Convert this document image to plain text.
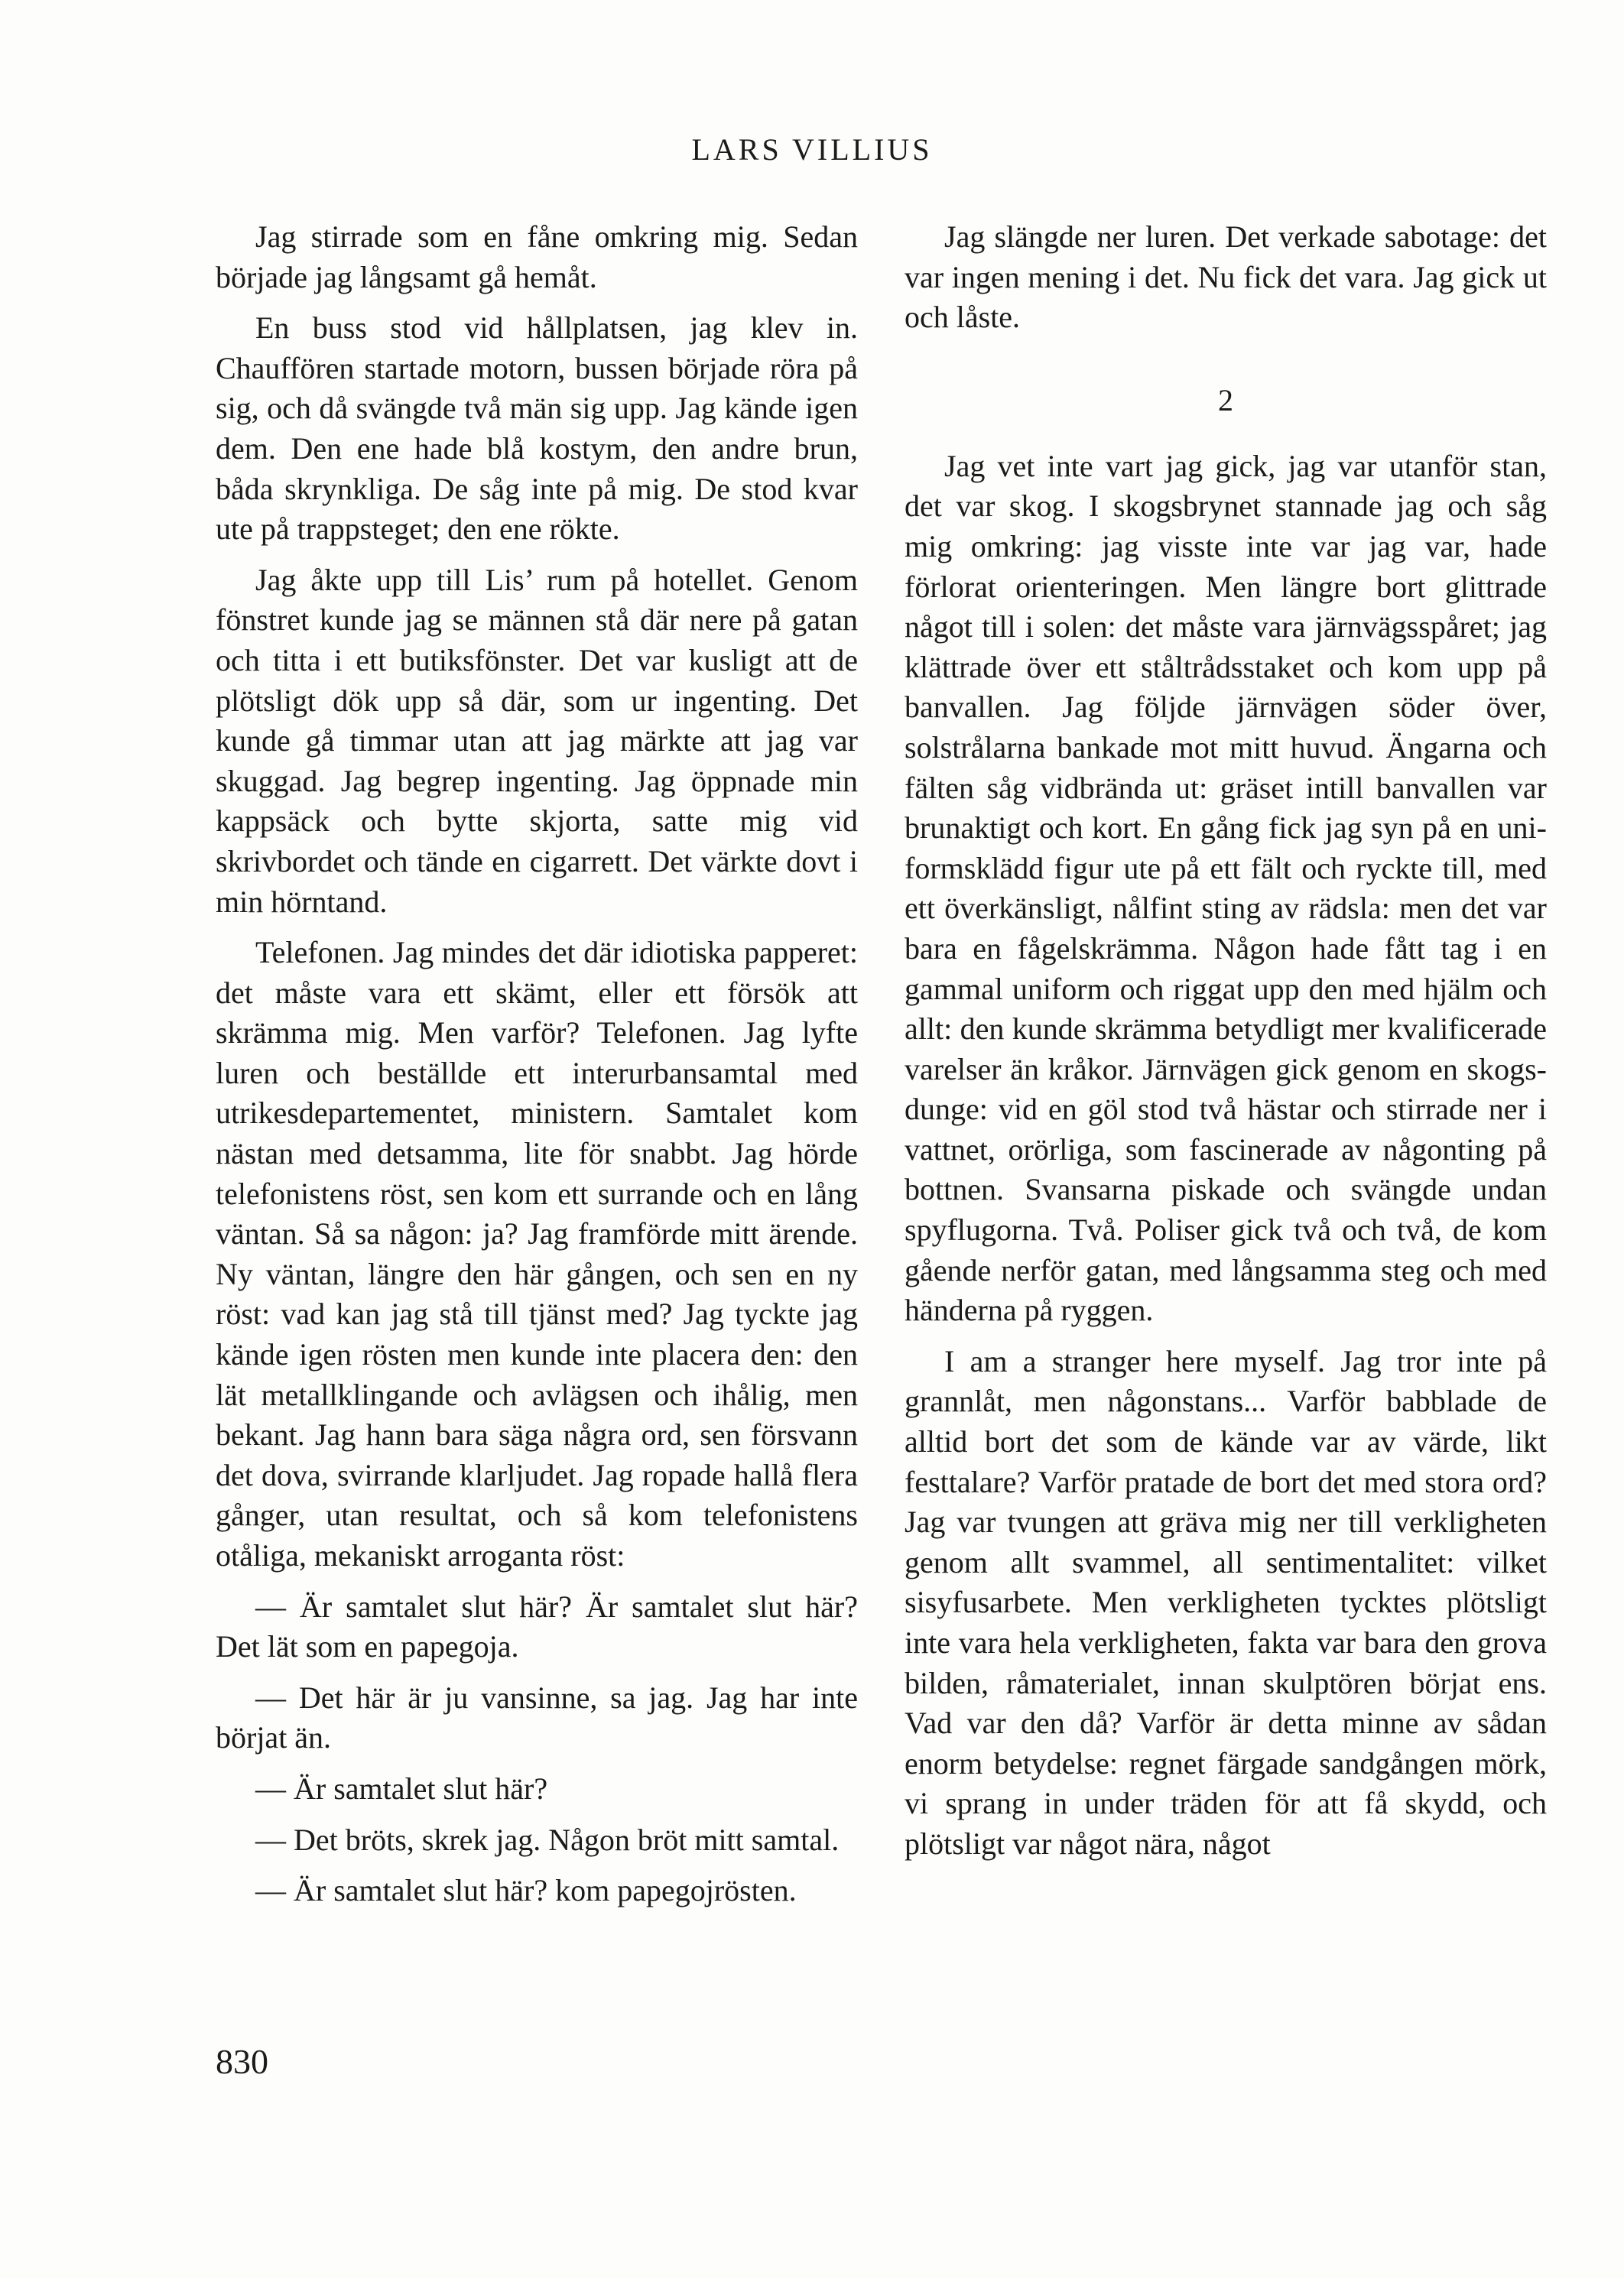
LARS VILLIUS

Jag stirrade som en fåne omkring mig. Sedan började jag långsamt gå hemåt.

En buss stod vid hållplatsen, jag klev in. Chauffören startade motorn, bussen började röra på sig, och då svängde två män sig upp. Jag kände igen dem. Den ene hade blå kostym, den andre brun, båda skrynkliga. De såg inte på mig. De stod kvar ute på trappsteget; den ene rökte.

Jag åkte upp till Lis’ rum på hotellet. Genom fönstret kunde jag se männen stå där nere på gatan och titta i ett butiksfönster. Det var kusligt att de plötsligt dök upp så där, som ur ingenting. Det kunde gå timmar utan att jag märkte att jag var skuggad. Jag begrep ingenting. Jag öppnade min kappsäck och bytte skjorta, satte mig vid skrivbordet och tände en cigarrett. Det värkte dovt i min hörntand.

Telefonen. Jag mindes det där idiotiska papperet: det måste vara ett skämt, eller ett försök att skrämma mig. Men varför? Telefonen. Jag lyfte luren och beställde ett interurbansamtal med utrikesdepartementet, ministern. Samtalet kom nästan med detsamma, lite för snabbt. Jag hörde telefonistens röst, sen kom ett surrande och en lång väntan. Så sa någon: ja? Jag framförde mitt ärende. Ny väntan, längre den här gången, och sen en ny röst: vad kan jag stå till tjänst med? Jag tyckte jag kände igen rösten men kunde inte placera den: den lät metallklingande och avlägsen och ihålig, men bekant. Jag hann bara säga några ord, sen försvann det dova, svirrande klarljudet. Jag ropade hallå flera gånger, utan resultat, och så kom telefonistens otåliga, mekaniskt arroganta röst:

— Är samtalet slut här? Är samtalet slut här? Det lät som en papegoja.

— Det här är ju vansinne, sa jag. Jag har inte börjat än.

— Är samtalet slut här?

— Det bröts, skrek jag. Någon bröt mitt samtal.

— Är samtalet slut här? kom papegojrösten.

Jag slängde ner luren. Det verkade sabotage: det var ingen mening i det. Nu fick det vara. Jag gick ut och låste.

2

Jag vet inte vart jag gick, jag var utanför stan, det var skog. I skogsbrynet stannade jag och såg mig omkring: jag visste inte var jag var, hade förlorat orienteringen. Men längre bort glittrade något till i solen: det måste vara järnvägsspåret; jag klättrade över ett ståltrådsstaket och kom upp på banvallen. Jag följde järnvägen söder över, solstrålarna bankade mot mitt huvud. Ängarna och fälten såg vidbrända ut: gräset intill banvallen var brunaktigt och kort. En gång fick jag syn på en uniformsklädd figur ute på ett fält och ryckte till, med ett överkänsligt, nålfint sting av rädsla: men det var bara en fågelskrämma. Någon hade fått tag i en gammal uniform och riggat upp den med hjälm och allt: den kunde skrämma betydligt mer kvalificerade varelser än kråkor. Järnvägen gick genom en skogsdunge: vid en göl stod två hästar och stirrade ner i vattnet, orörliga, som fascinerade av någonting på bottnen. Svansarna piskade och svängde undan spyflugorna. Två. Poliser gick två och två, de kom gående nerför gatan, med långsamma steg och med händerna på ryggen.

I am a stranger here myself. Jag tror inte på grannlåt, men någonstans... Varför babblade de alltid bort det som de kände var av värde, likt festtalare? Varför pratade de bort det med stora ord? Jag var tvungen att gräva mig ner till verkligheten genom allt svammel, all sentimentalitet: vilket sisyfusarbete. Men verkligheten tycktes plötsligt inte vara hela verkligheten, fakta var bara den grova bilden, råmaterialet, innan skulptören börjat ens. Vad var den då? Varför är detta minne av sådan enorm betydelse: regnet färgade sandgången mörk, vi sprang in under träden för att få skydd, och plötsligt var något nära, något

830
